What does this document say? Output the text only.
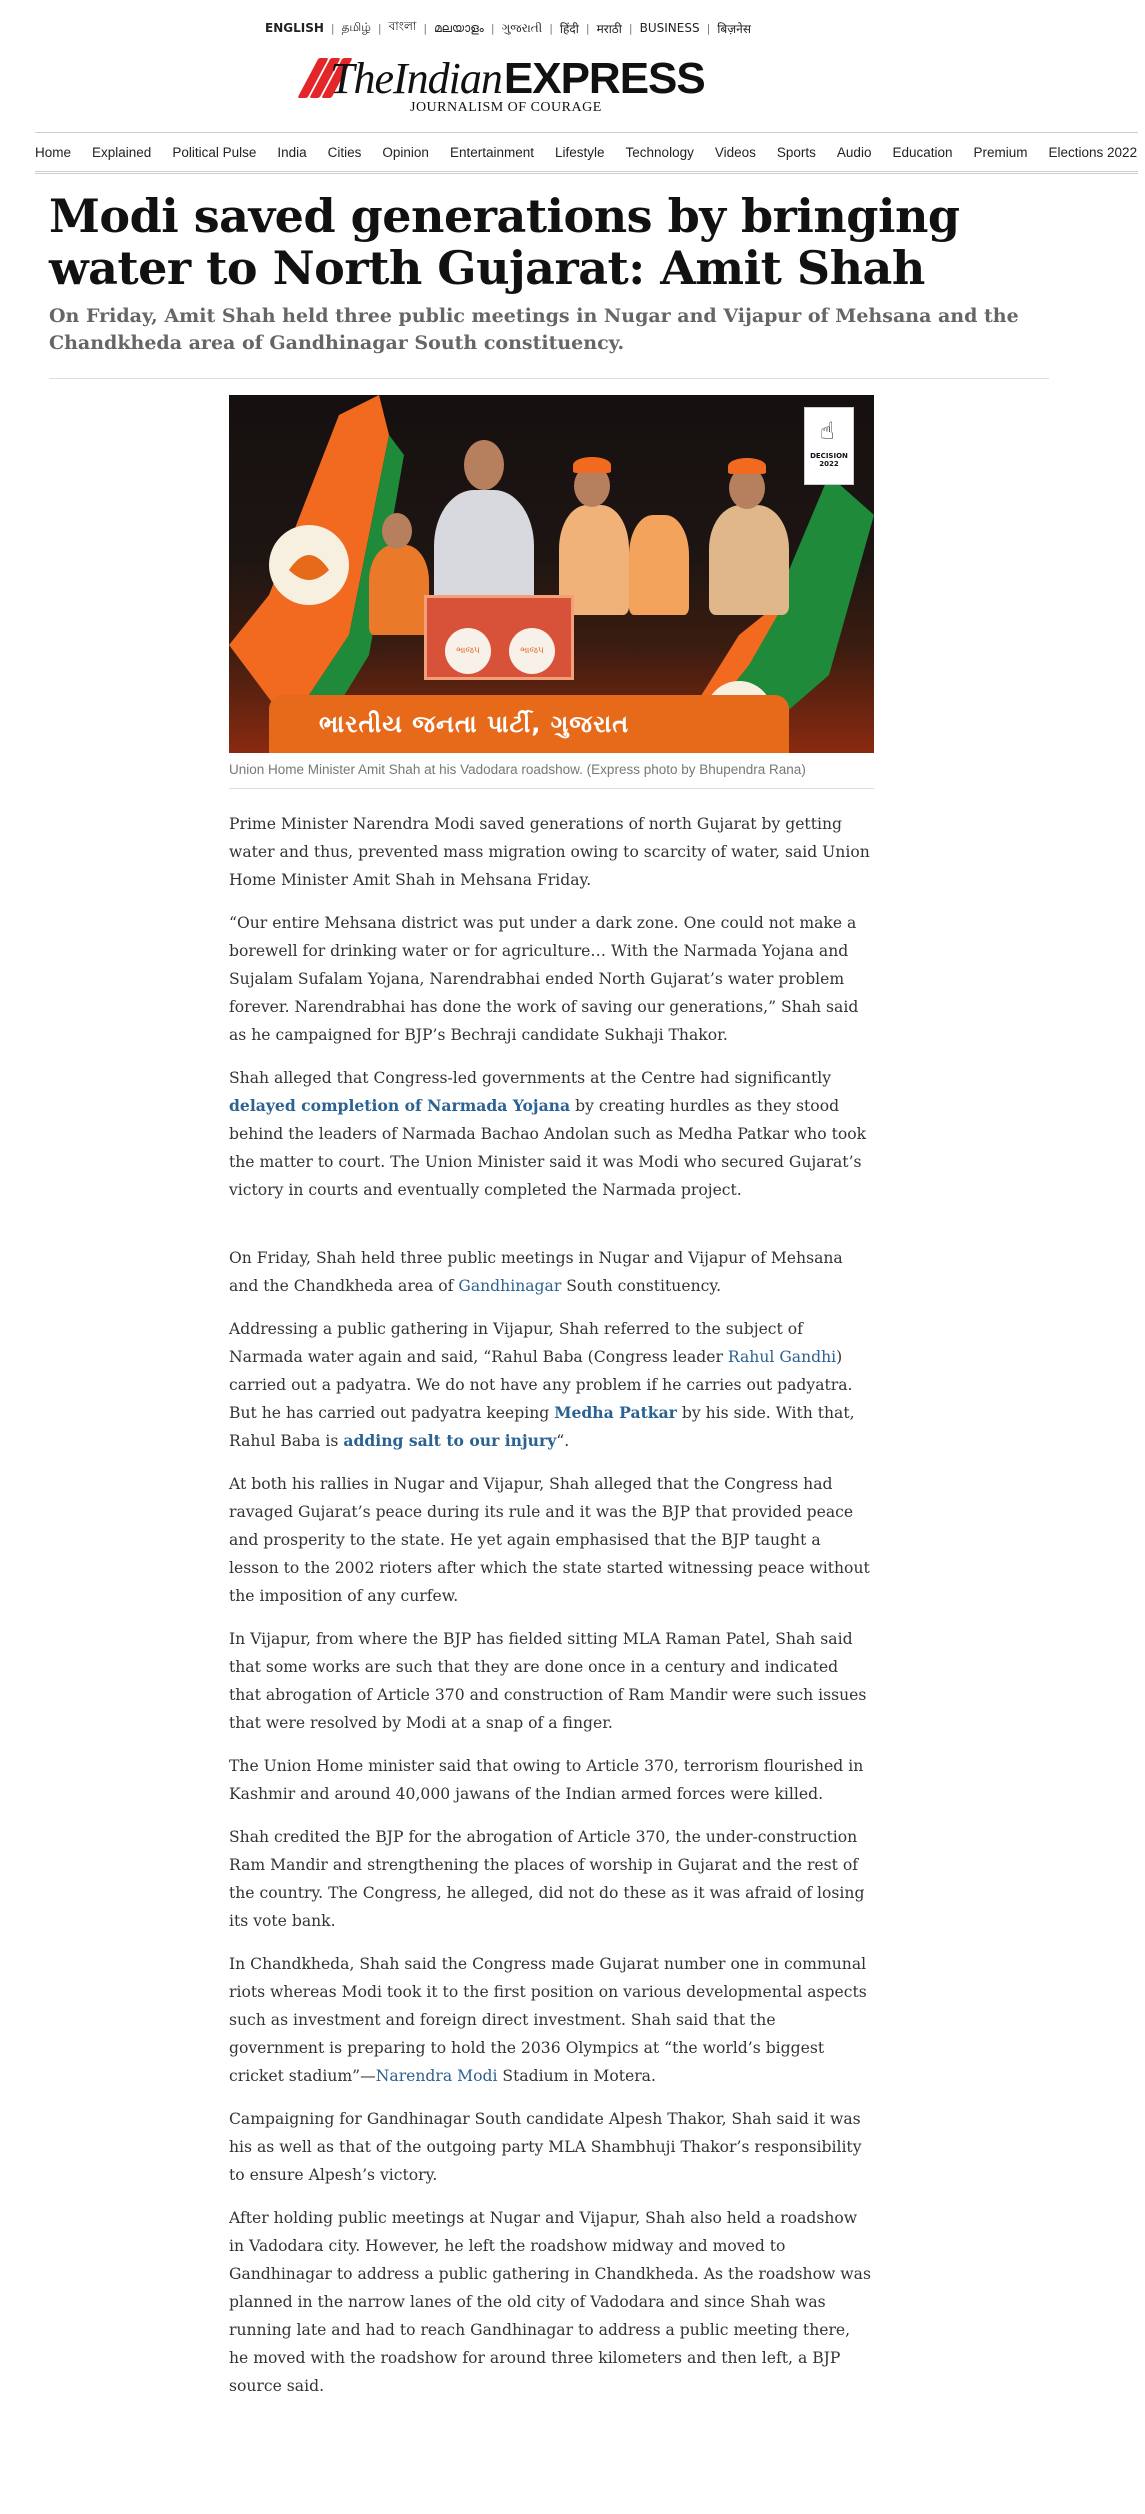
ENGLISH | தமிழ் | বাংলা | മലയാളം | ગુજરાતી | हिंदी | मराठी | BUSINESS | बिज़नेस
TheIndianEXPRESS
JOURNALISM OF COURAGE
Home Explained Political Pulse India Cities Opinion Entertainment Lifestyle Technology Videos Sports Audio Education Premium Elections 2022
Modi saved generations by bringing water to North Gujarat: Amit Shah
On Friday, Amit Shah held three public meetings in Nugar and Vijapur of Mehsana and the Chandkheda area of Gandhinagar South constituency.
ભાજપ	ભાજપ
ભારતીય જનતા પાર્ટી, ગુજરાત
☝
DECISION 2022
Union Home Minister Amit Shah at his Vadodara roadshow. (Express photo by Bhupendra Rana)

Prime Minister Narendra Modi saved generations of north Gujarat by getting water and thus, prevented mass migration owing to scarcity of water, said Union Home Minister Amit Shah in Mehsana Friday.

“Our entire Mehsana district was put under a dark zone. One could not make a borewell for drinking water or for agriculture… With the Narmada Yojana and Sujalam Sufalam Yojana, Narendrabhai ended North Gujarat’s water problem forever. Narendrabhai has done the work of saving our generations,” Shah said as he campaigned for BJP’s Bechraji candidate Sukhaji Thakor.

Shah alleged that Congress-led governments at the Centre had significantly delayed completion of Narmada Yojana by creating hurdles as they stood behind the leaders of Narmada Bachao Andolan such as Medha Patkar who took the matter to court. The Union Minister said it was Modi who secured Gujarat’s victory in courts and eventually completed the Narmada project.

On Friday, Shah held three public meetings in Nugar and Vijapur of Mehsana and the Chandkheda area of Gandhinagar South constituency.

Addressing a public gathering in Vijapur, Shah referred to the subject of Narmada water again and said, “Rahul Baba (Congress leader Rahul Gandhi) carried out a padyatra. We do not have any problem if he carries out padyatra. But he has carried out padyatra keeping Medha Patkar by his side. With that, Rahul Baba is adding salt to our injury“.

At both his rallies in Nugar and Vijapur, Shah alleged that the Congress had ravaged Gujarat’s peace during its rule and it was the BJP that provided peace and prosperity to the state. He yet again emphasised that the BJP taught a lesson to the 2002 rioters after which the state started witnessing peace without the imposition of any curfew.

In Vijapur, from where the BJP has fielded sitting MLA Raman Patel, Shah said that some works are such that they are done once in a century and indicated that abrogation of Article 370 and construction of Ram Mandir were such issues that were resolved by Modi at a snap of a finger.

The Union Home minister said that owing to Article 370, terrorism flourished in Kashmir and around 40,000 jawans of the Indian armed forces were killed.

Shah credited the BJP for the abrogation of Article 370, the under-construction Ram Mandir and strengthening the places of worship in Gujarat and the rest of the country. The Congress, he alleged, did not do these as it was afraid of losing its vote bank.

In Chandkheda, Shah said the Congress made Gujarat number one in communal riots whereas Modi took it to the first position on various developmental aspects such as investment and foreign direct investment. Shah said that the government is preparing to hold the 2036 Olympics at “the world’s biggest cricket stadium”—Narendra Modi Stadium in Motera.

Campaigning for Gandhinagar South candidate Alpesh Thakor, Shah said it was his as well as that of the outgoing party MLA Shambhuji Thakor’s responsibility to ensure Alpesh’s victory.

After holding public meetings at Nugar and Vijapur, Shah also held a roadshow in Vadodara city. However, he left the roadshow midway and moved to Gandhinagar to address a public gathering in Chandkheda. As the roadshow was planned in the narrow lanes of the old city of Vadodara and since Shah was running late and had to reach Gandhinagar to address a public meeting there, he moved with the roadshow for around three kilometers and then left, a BJP source said.
